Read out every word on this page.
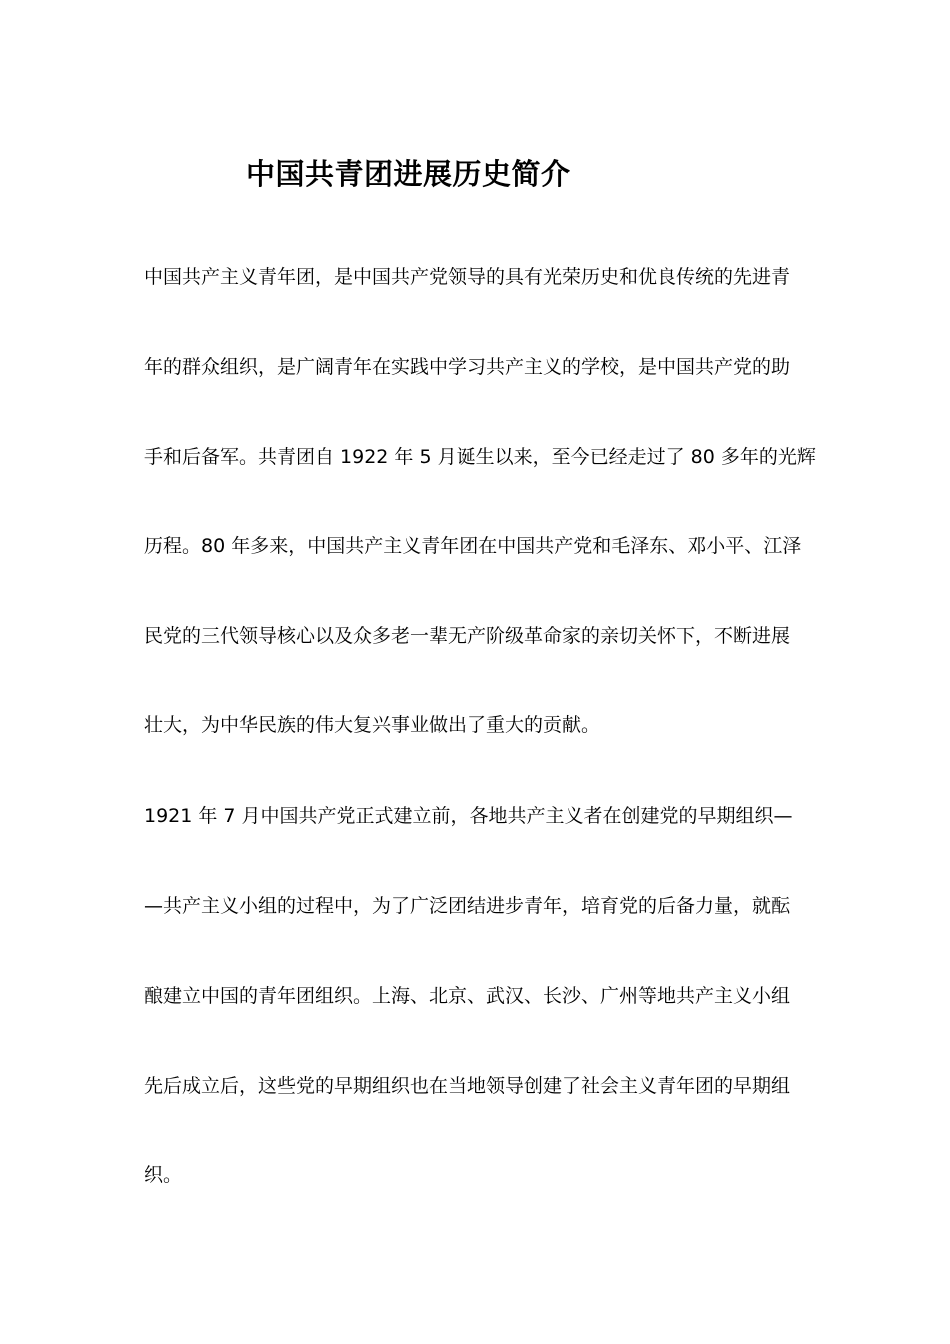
中国共青团进展历史简介
中国共产主义青年团，是中国共产党领导的具有光荣历史和优良传统的先进青
年的群众组织，是广阔青年在实践中学习共产主义的学校，是中国共产党的助
手和后备军。共青团自 1922 年 5 月诞生以来，至今已经走过了 80 多年的光辉
历程。80 年多来，中国共产主义青年团在中国共产党和毛泽东、邓小平、江泽
民党的三代领导核心以及众多老一辈无产阶级革命家的亲切关怀下，不断进展
壮大，为中华民族的伟大复兴事业做出了重大的贡献。
1921 年 7 月中国共产党正式建立前，各地共产主义者在创建党的早期组织—
—共产主义小组的过程中，为了广泛团结进步青年，培育党的后备力量，就酝
酿建立中国的青年团组织。上海、北京、武汉、长沙、广州等地共产主义小组
先后成立后，这些党的早期组织也在当地领导创建了社会主义青年团的早期组
织。
